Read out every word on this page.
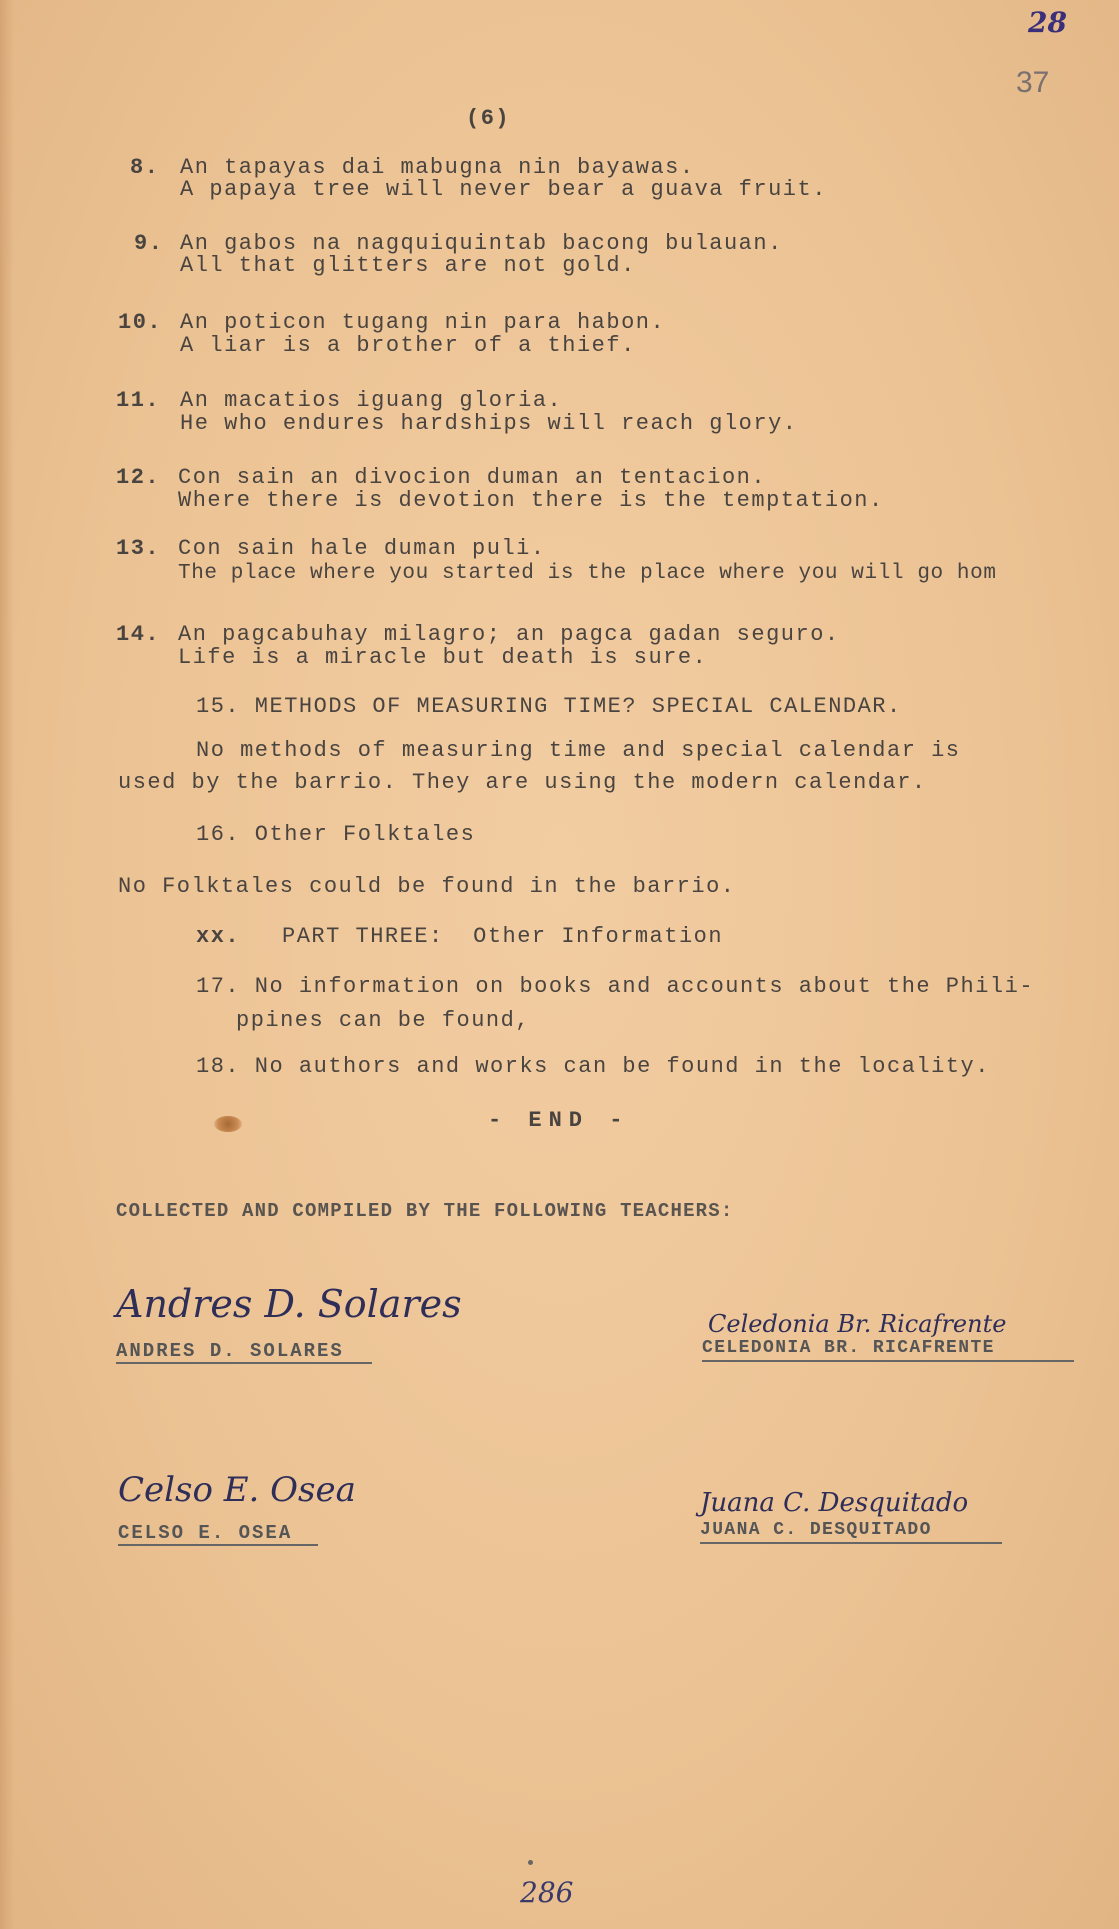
28
37
(6)
8. An tapayas dai mabugna nin bayawas.
A papaya tree will never bear a guava fruit.
9. An gabos na nagquiquintab bacong bulauan.
All that glitters are not gold.
10. An poticon tugang nin para habon.
A liar is a brother of a thief.
11. An macatios iguang gloria.
He who endures hardships will reach glory.
12. Con sain an divocion duman an tentacion.
Where there is devotion there is the temptation.
13. Con sain hale duman puli.
The place where you started is the place where you will go hom
14. An pagcabuhay milagro; an pagca gadan seguro.
Life is a miracle but death is sure.
15. METHODS OF MEASURING TIME? SPECIAL CALENDAR.
No methods of measuring time and special calendar is
used by the barrio. They are using the modern calendar.
16. Other Folktales
No Folktales could be found in the barrio.
xx. PART THREE:  Other Information
17. No information on books and accounts about the Phili-
ppines can be found,
18. No authors and works can be found in the locality.
- END -
COLLECTED AND COMPILED BY THE FOLLOWING TEACHERS:
Andres D. Solares
ANDRES D. SOLARES
Celedonia Br. Ricafrente
CELEDONIA BR. RICAFRENTE
Celso E. Osea
CELSO E. OSEA
Juana C. Desquitado
JUANA C. DESQUITADO
286
